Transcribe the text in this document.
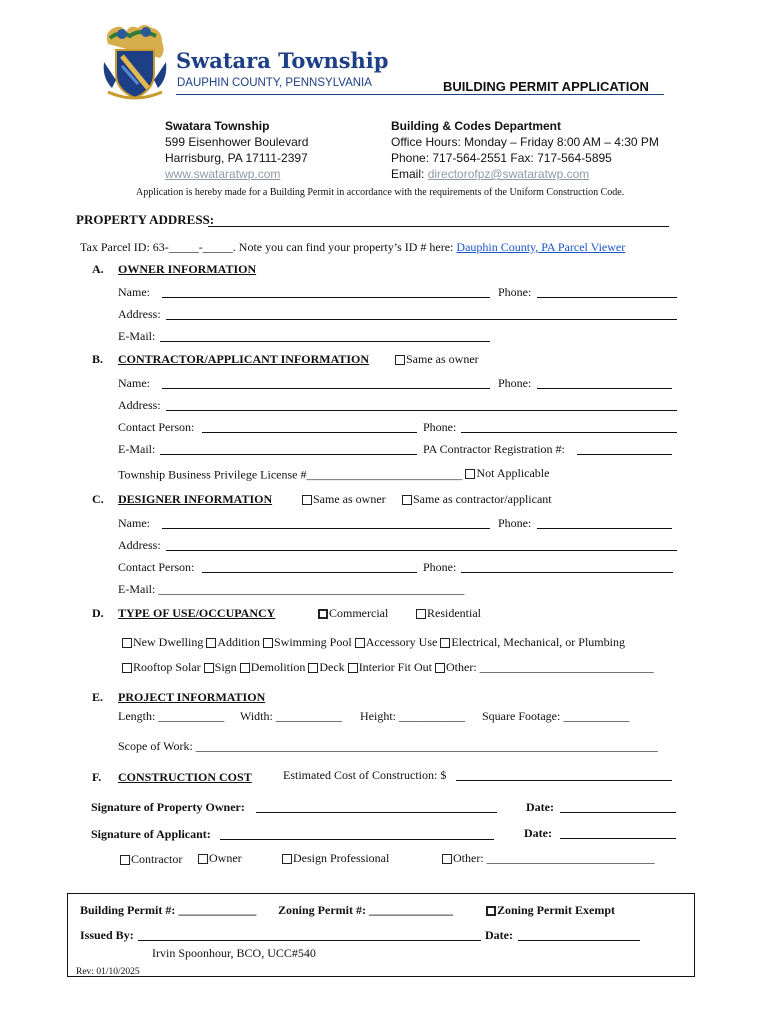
Swatara Township
DAUPHIN COUNTY, PENNSYLVANIA	BUILDING PERMIT APPLICATION
Swatara Township
599 Eisenhower Boulevard
Harrisburg, PA 17111-2397
www.swataratwp.com
Building & Codes Department
Office Hours: Monday – Friday 8:00 AM – 4:30 PM
Phone: 717-564-2551 Fax: 717-564-5895
Email: directorofpz@swataratwp.com
Application is hereby made for a Building Permit in accordance with the requirements of the Uniform Construction Code.
PROPERTY ADDRESS:
Tax Parcel ID: 63-_____-_____. Note you can find your property’s ID # here: Dauphin County, PA Parcel Viewer
A. OWNER INFORMATION
Name:	Phone:
Address:
E-Mail:
B. CONTRACTOR/APPLICANT INFORMATION	Same as owner
Name:	Phone:
Address:
Contact Person:	Phone:
E-Mail:	PA Contractor Registration #:
Township Business Privilege License #__________________________ Not Applicable
C. DESIGNER INFORMATION	Same as owner Same as contractor/applicant
Name:	Phone:
Address:
Contact Person:	Phone:
E-Mail: ___________________________________________________
D. TYPE OF USE/OCCUPANCY	Commercial	Residential
New Dwelling
Addition
Swimming Pool
Accessory Use
Electrical, Mechanical, or Plumbing
Rooftop Solar
Sign
Demolition
Deck
Interior Fit Out
Other: _____________________________
E. PROJECT INFORMATION
Length: ___________ Width: ___________ Height: ___________ Square Footage: ___________
Scope of Work: _____________________________________________________________________________
F. CONSTRUCTION COST	Estimated Cost of Construction: $
Signature of Property Owner:	Date:
Signature of Applicant:	Date:
Contractor Owner	Design Professional	Other: ____________________________
Building Permit #: _____________ Zoning Permit #: ______________	Zoning Permit Exempt
Issued By:	Date:
Irvin Spoonhour, BCO, UCC#540
Rev: 01/10/2025
